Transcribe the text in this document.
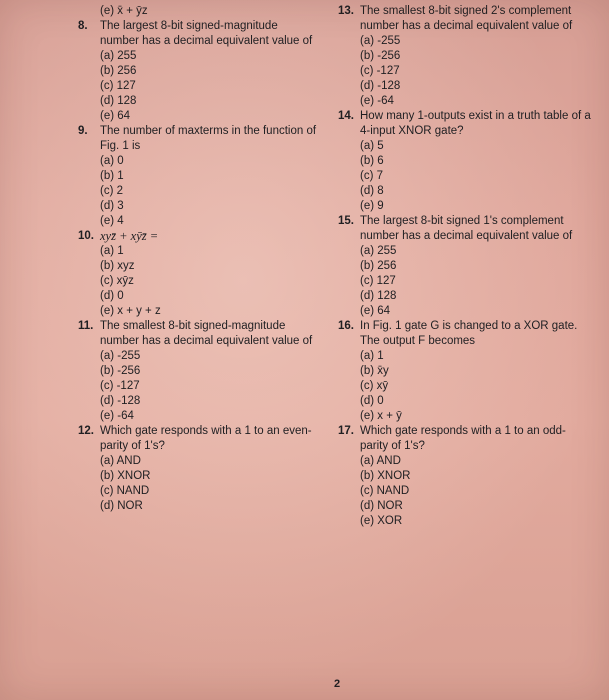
(e) x̄ + ȳz
8. The largest 8-bit signed-magnitude number has a decimal equivalent value of
(a) 255
(b) 256
(c) 127
(d) 128
(e) 64
9. The number of maxterms in the function of Fig. 1 is
(a) 0
(b) 1
(c) 2
(d) 3
(e) 4
10. xyz̄ + xȳz̄ =
(a) 1
(b) xyz
(c) xȳz
(d) 0
(e) x + y + z
11. The smallest 8-bit signed-magnitude number has a decimal equivalent value of
(a) -255
(b) -256
(c) -127
(d) -128
(e) -64
12. Which gate responds with a 1 to an even-parity of 1's?
(a) AND
(b) XNOR
(c) NAND
(d) NOR
13. The smallest 8-bit signed 2's complement number has a decimal equivalent value of
(a) -255
(b) -256
(c) -127
(d) -128
(e) -64
14. How many 1-outputs exist in a truth table of a 4-input XNOR gate?
(a) 5
(b) 6
(c) 7
(d) 8
(e) 9
15. The largest 8-bit signed 1's complement number has a decimal equivalent value of
(a) 255
(b) 256
(c) 127
(d) 128
(e) 64
16. In Fig. 1 gate G is changed to a XOR gate. The output F becomes
(a) 1
(b) x̄y
(c) xȳ
(d) 0
(e) x + ȳ
17. Which gate responds with a 1 to an odd-parity of 1's?
(a) AND
(b) XNOR
(c) NAND
(d) NOR
(e) XOR
2
